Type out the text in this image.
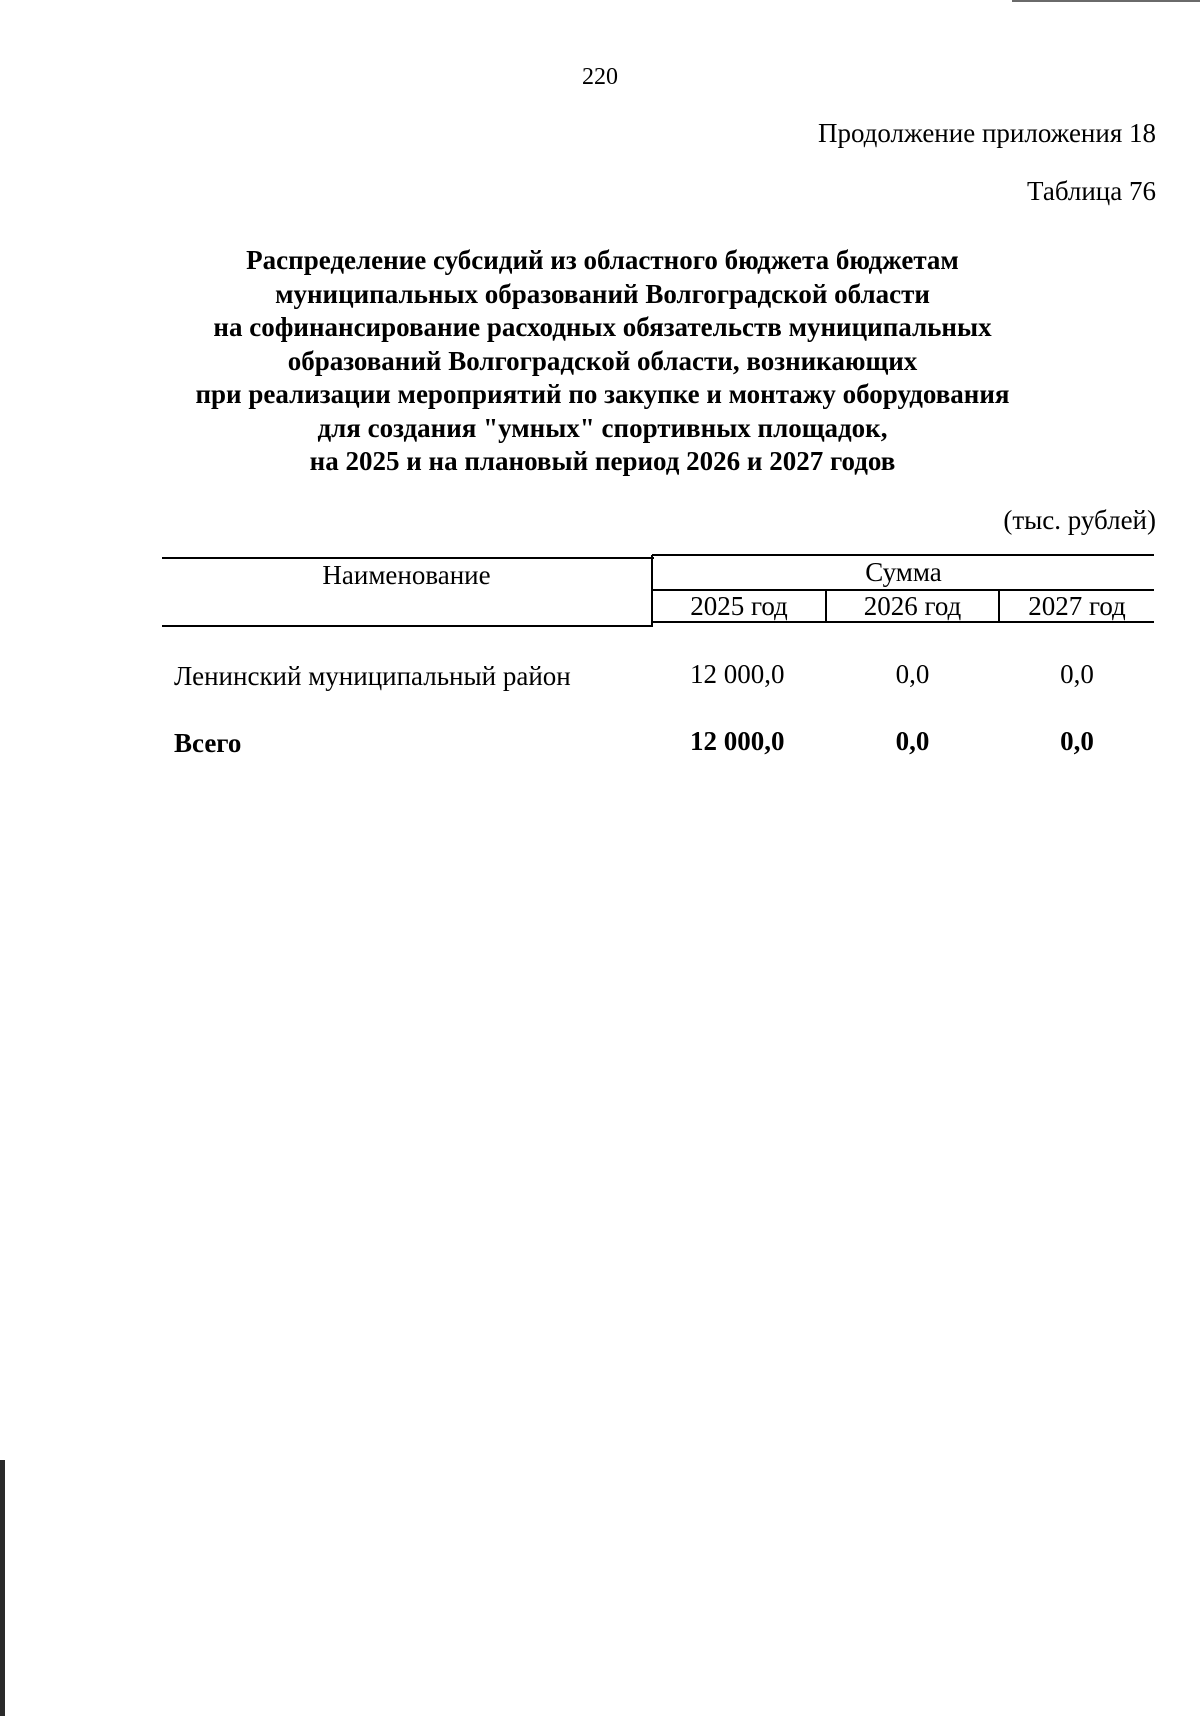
220
Продолжение приложения 18
Таблица 76
Распределение субсидий из областного бюджета бюджетам
муниципальных образований Волгоградской области
на софинансирование расходных обязательств муниципальных
образований Волгоградской области, возникающих
при реализации мероприятий по закупке и монтажу оборудования
для создания "умных" спортивных площадок,
на 2025 и на плановый период 2026 и 2027 годов
(тыс. рублей)
Наименование	Сумма
2025 год	2026 год	2027 год
Ленинский муниципальный район	12 000,0	0,0	0,0
Всего	12 000,0	0,0	0,0
